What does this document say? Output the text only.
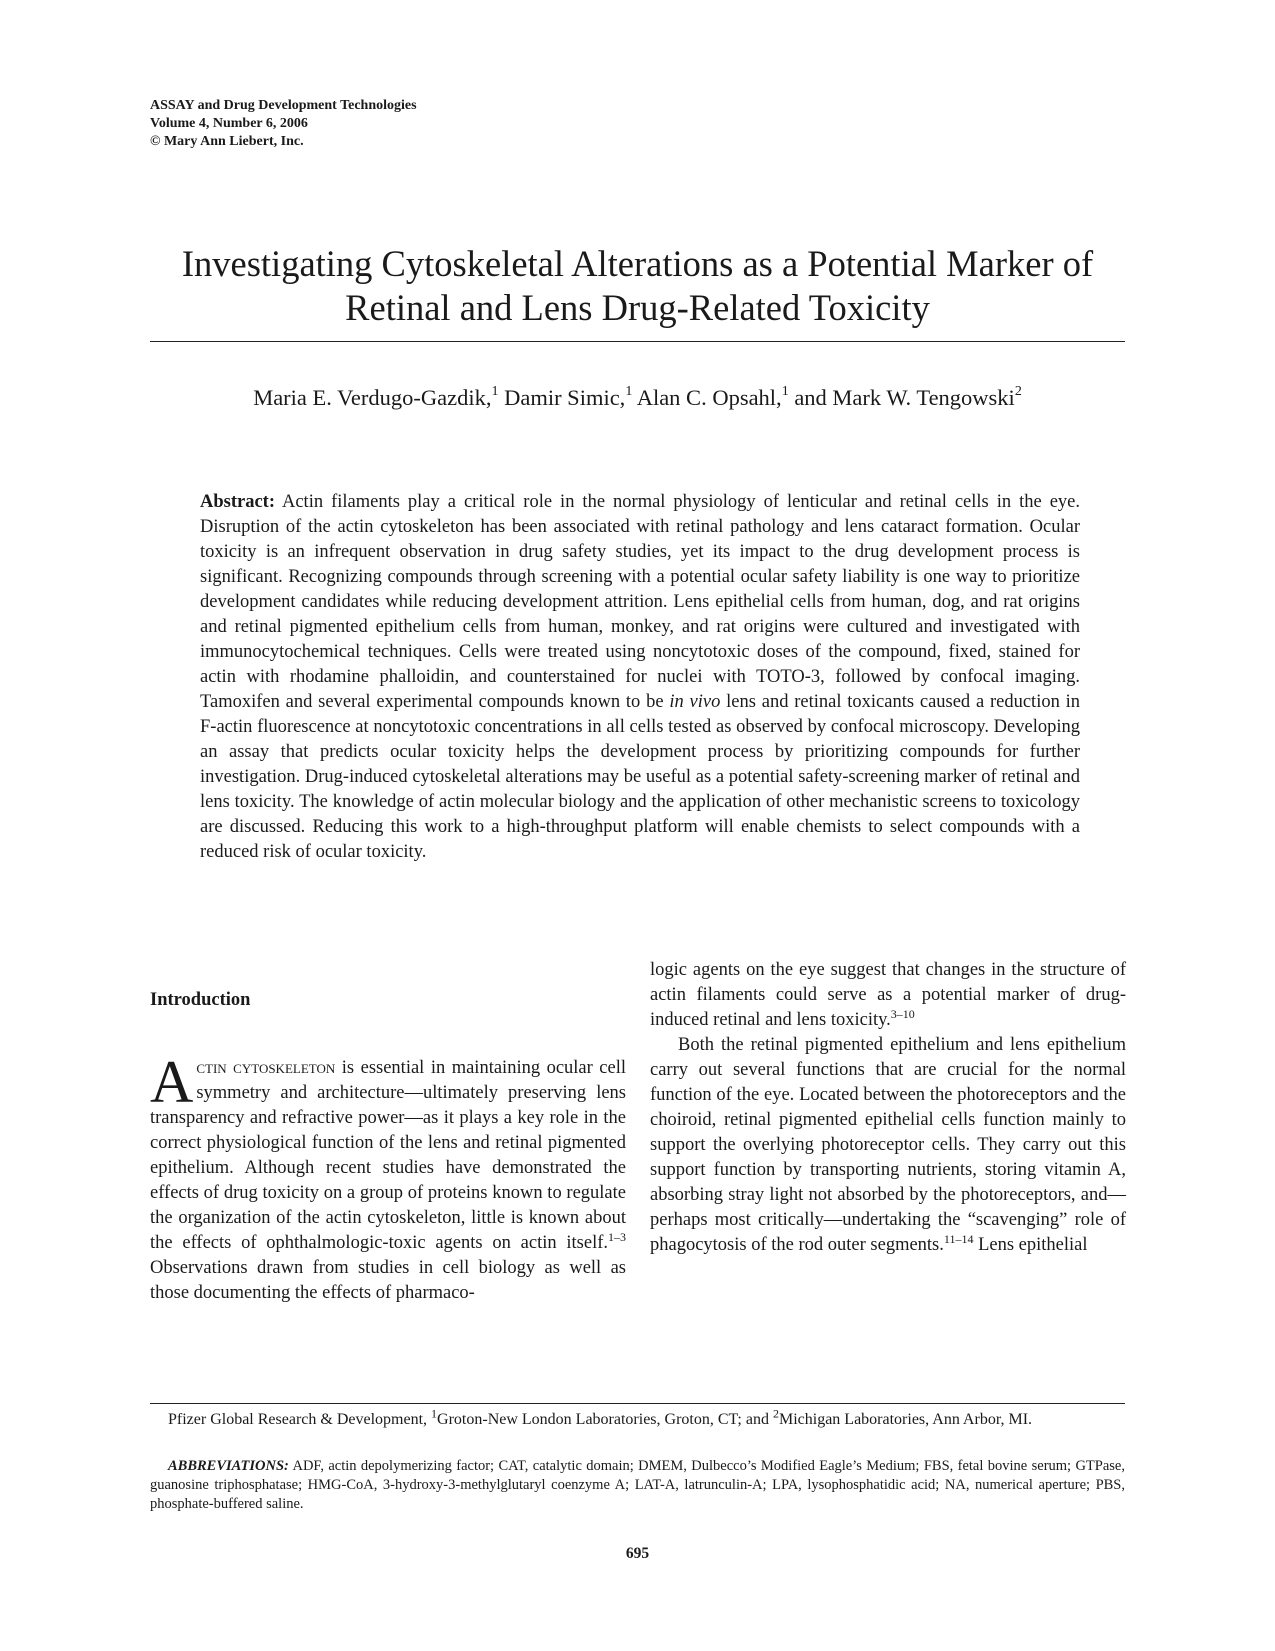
ASSAY and Drug Development Technologies
Volume 4, Number 6, 2006
© Mary Ann Liebert, Inc.
Investigating Cytoskeletal Alterations as a Potential Marker of
Retinal and Lens Drug-Related Toxicity
Maria E. Verdugo-Gazdik,$^1$ Damir Simic,$^1$ Alan C. Opsahl,$^1$ and Mark W. Tengowski$^2$
Abstract: Actin filaments play a critical role in the normal physiology of lenticular and retinal cells in the eye. Disruption of the actin cytoskeleton has been associated with retinal pathology and lens cataract formation. Ocular toxicity is an infrequent observation in drug safety studies, yet its impact to the drug development process is significant. Recognizing compounds through screening with a potential ocular safety liability is one way to prioritize development candidates while reducing development attrition. Lens epithelial cells from human, dog, and rat origins and retinal pigmented epithelium cells from human, monkey, and rat origins were cultured and investigated with immunocytochemical techniques. Cells were treated using noncytotoxic doses of the compound, fixed, stained for actin with rhodamine phalloidin, and counterstained for nuclei with TOTO-3, followed by confocal imaging. Tamoxifen and several experimental compounds known to be in vivo lens and retinal toxicants caused a reduction in F-actin fluorescence at noncytotoxic concentrations in all cells tested as observed by confocal microscopy. Developing an assay that predicts ocular toxicity helps the development process by prioritizing compounds for further investigation. Drug-induced cytoskeletal alterations may be useful as a potential safety-screening marker of retinal and lens toxicity. The knowledge of actin molecular biology and the application of other mechanistic screens to toxicology are discussed. Reducing this work to a high-throughput platform will enable chemists to select compounds with a reduced risk of ocular toxicity.
Introduction

Actin cytoskeleton is essential in maintaining ocular cell symmetry and architecture—ultimately preserving lens transparency and refractive power—as it plays a key role in the correct physiological function of the lens and retinal pigmented epithelium. Although recent studies have demonstrated the effects of drug toxicity on a group of proteins known to regulate the organization of the actin cytoskeleton, little is known about the effects of ophthalmologic-toxic agents on actin itself.$^{1-3}$ Observations drawn from studies in cell biology as well as those documenting the effects of pharmaco-

logic agents on the eye suggest that changes in the structure of actin filaments could serve as a potential marker of drug-induced retinal and lens toxicity.$^{3-10}$

Both the retinal pigmented epithelium and lens epithelium carry out several functions that are crucial for the normal function of the eye. Located between the photoreceptors and the choiroid, retinal pigmented epithelial cells function mainly to support the overlying photoreceptor cells. They carry out this support function by transporting nutrients, storing vitamin A, absorbing stray light not absorbed by the photoreceptors, and—perhaps most critically—undertaking the “scavenging” role of phagocytosis of the rod outer segments.$^{11-14}$ Lens epithelial

Pfizer Global Research & Development, $^1$Groton-New London Laboratories, Groton, CT; and $^2$Michigan Laboratories, Ann Arbor, MI.
ABBREVIATIONS: ADF, actin depolymerizing factor; CAT, catalytic domain; DMEM, Dulbecco’s Modified Eagle’s Medium; FBS, fetal bovine serum; GTPase, guanosine triphosphatase; HMG-CoA, 3-hydroxy-3-methylglutaryl coenzyme A; LAT-A, latrunculin-A; LPA, lysophosphatidic acid; NA, numerical aperture; PBS, phosphate-buffered saline.
695
